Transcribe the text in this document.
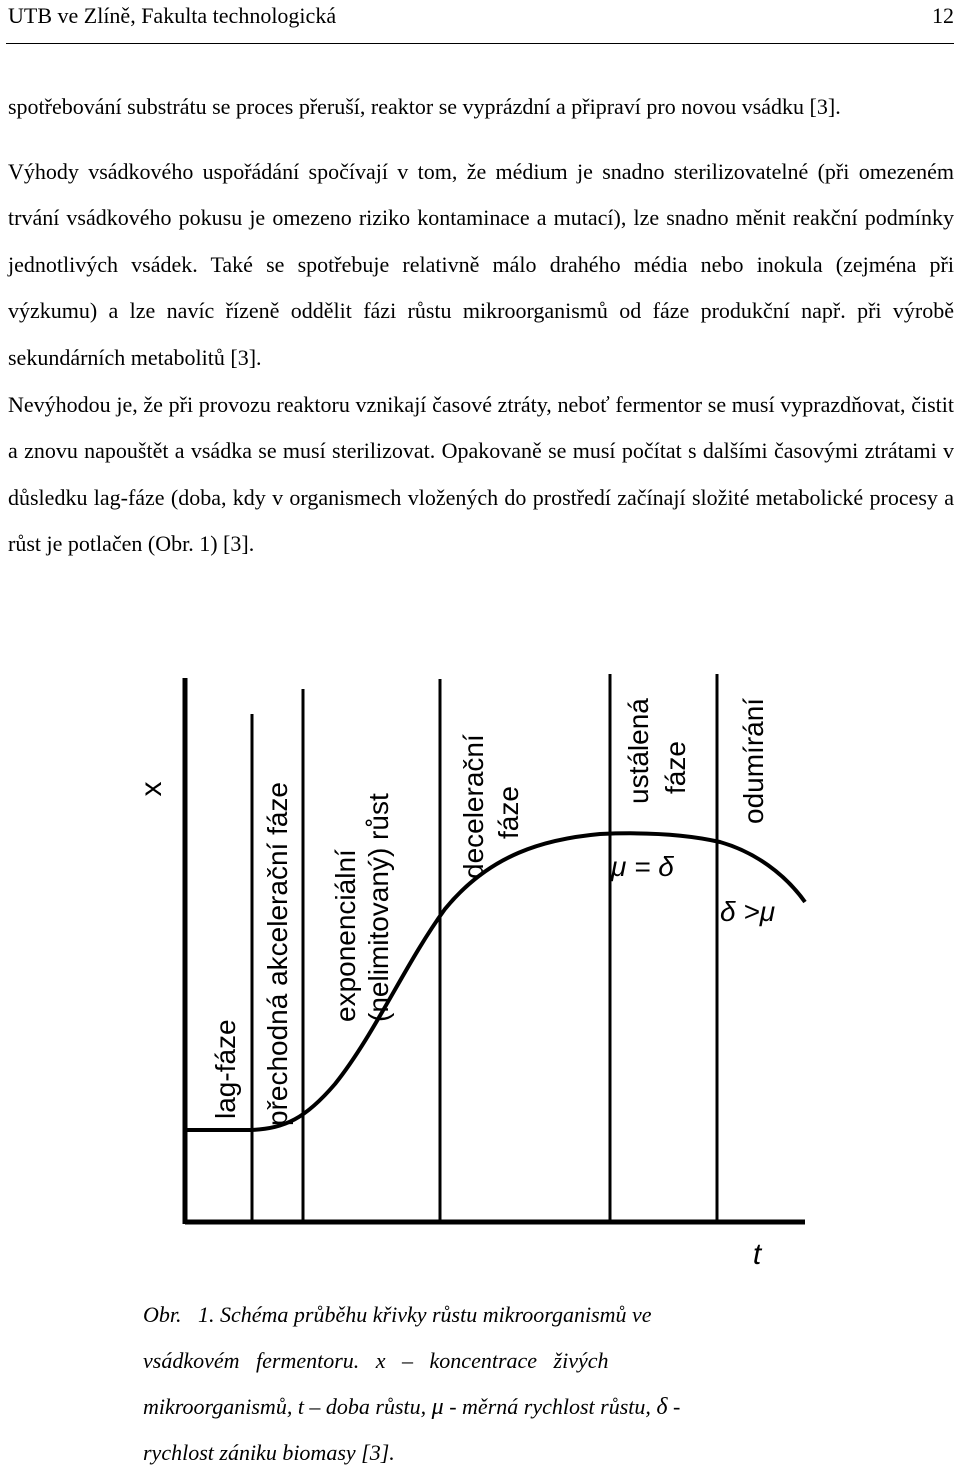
UTB ve Zlíně, Fakulta technologická	12

spotřebování substrátu se proces přeruší, reaktor se vyprázdní a připraví pro novou vsádku [3].

Výhody vsádkového uspořádání spočívají v tom, že médium je snadno sterilizovatelné (při omezeném trvání vsádkového pokusu je omezeno riziko kontaminace a mutací), lze snadno měnit reakční podmínky jednotlivých vsádek. Také se spotřebuje relativně málo drahého média nebo inokula (zejména při výzkumu) a lze navíc řízeně oddělit fázi růstu mikroorganismů od fáze produkční např. při výrobě sekundárních metabolitů [3].

Nevýhodou je, že při provozu reaktoru vznikají časové ztráty, neboť fermentor se musí vyprazdňovat, čistit a znovu napouštět a vsádka se musí sterilizovat. Opakovaně se musí počítat s dalšími časovými ztrátami v důsledku lag-fáze (doba, kdy v organismech vložených do prostředí začínají složité metabolické procesy a růst je potlačen (Obr. 1) [3].

x
t
lag-fáze přechodná akcelerační fáze exponenciální (nelimitovaný) růst decelerační fáze
ustálená fáze odumírání
μ = δ
δ >μ
Obr.   1. Schéma průběhu křivky růstu mikroorganismů ve
vsádkovém   fermentoru.   x   –   koncentrace   živých
mikroorganismů, t – doba růstu, μ - měrná rychlost růstu, δ -
rychlost zániku biomasy [3].
